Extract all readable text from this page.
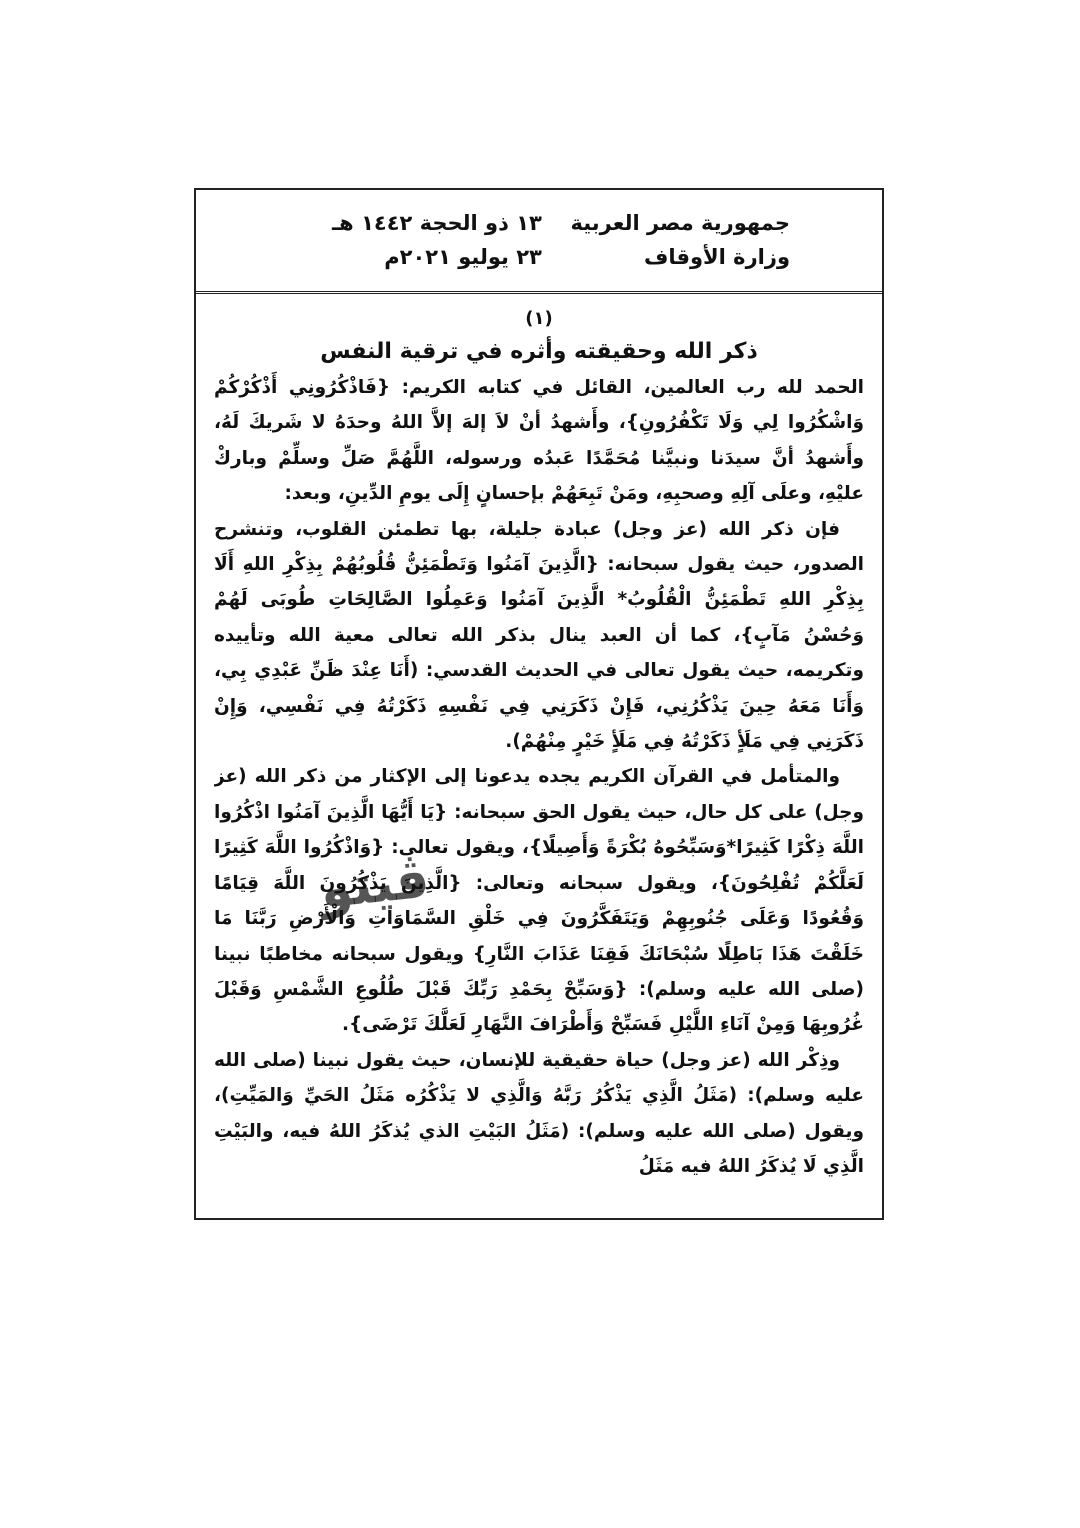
جمهورية مصر العربية
وزارة الأوقاف
١٣ ذو الحجة ١٤٤٢ هـ
٢٣ يوليو ٢٠٢١م
(١)
ذكر الله وحقيقته وأثره في ترقية النفس

الحمد لله رب العالمين، القائل في كتابه الكريم: {فَاذْكُرُونِي أَذْكُرْكُمْ وَاشْكُرُوا لِي وَلَا تَكْفُرُونِ}، وأَشهدُ أنْ لاَ إلهَ إلاَّ اللهُ وحدَهُ لا شَريكَ لَهُ، وأَشهدُ أنَّ سيدَنا ونبيَّنا مُحَمَّدًا عَبدُه ورسوله، اللَّهُمَّ صَلِّ وسلِّمْ وباركْ عليْهِ، وعلَى آلِهِ وصحبِهِ، ومَنْ تَبِعَهُمْ بإحسانٍ إِلَى يومِ الدِّينِ، وبعد:

فإن ذكر الله (عز وجل) عبادة جليلة، بها تطمئن القلوب، وتنشرح الصدور، حيث يقول سبحانه: {الَّذِينَ آمَنُوا وَتَطْمَئِنُّ قُلُوبُهُمْ بِذِكْرِ اللهِ أَلَا بِذِكْرِ اللهِ تَطْمَئِنُّ الْقُلُوبُ* الَّذِينَ آمَنُوا وَعَمِلُوا الصَّالِحَاتِ طُوبَى لَهُمْ وَحُسْنُ مَآبٍ}، كما أن العبد ينال بذكر الله تعالى معية الله وتأييده وتكريمه، حيث يقول تعالى في الحديث القدسي: (أَنَا عِنْدَ ظَنِّ عَبْدِي بِي، وَأَنَا مَعَهُ حِينَ يَذْكُرُنِي، فَإِنْ ذَكَرَنِي فِي نَفْسِهِ ذَكَرْتُهُ فِي نَفْسِي، وَإِنْ ذَكَرَنِي فِي مَلَأٍ ذَكَرْتُهُ فِي مَلَأٍ خَيْرٍ مِنْهُمْ).

والمتأمل في القرآن الكريم يجده يدعونا إلى الإكثار من ذكر الله (عز وجل) على كل حال، حيث يقول الحق سبحانه: {يَا أَيُّهَا الَّذِينَ آمَنُوا اذْكُرُوا اللَّهَ ذِكْرًا كَثِيرًا*وَسَبِّحُوهُ بُكْرَةً وَأَصِيلًا}، ويقول تعالى: {وَاذْكُرُوا اللَّهَ كَثِيرًا لَعَلَّكُمْ تُفْلِحُونَ}، ويقول سبحانه وتعالى: {الَّذِينَ يَذْكُرُونَ اللَّهَ قِيَامًا وَقُعُودًا وَعَلَى جُنُوبِهِمْ وَيَتَفَكَّرُونَ فِي خَلْقِ السَّمَاوَاتِ وَالْأَرْضِ رَبَّنَا مَا خَلَقْتَ هَذَا بَاطِلًا سُبْحَانَكَ فَقِنَا عَذَابَ النَّارِ} ويقول سبحانه مخاطبًا نبينا (صلى الله عليه وسلم): {وَسَبِّحْ بِحَمْدِ رَبِّكَ قَبْلَ طُلُوعِ الشَّمْسِ وَقَبْلَ غُرُوبِهَا وَمِنْ آنَاءِ اللَّيْلِ فَسَبِّحْ وَأَطْرَافَ النَّهَارِ لَعَلَّكَ تَرْضَى}.

وذِكْر الله (عز وجل) حياة حقيقية للإنسان، حيث يقول نبينا (صلى الله عليه وسلم): (مَثَلُ الَّذِي يَذْكُرُ رَبَّهُ وَالَّذِي لا يَذْكُرُه مَثَلُ الحَيِّ وَالمَيِّتِ)، ويقول (صلى الله عليه وسلم): (مَثَلُ البَيْتِ الذي يُذكَرُ اللهُ فيه، والبَيْتِ الَّذِي لَا يُذكَرُ اللهُ فيه مَثَلُ

ڤيتو
